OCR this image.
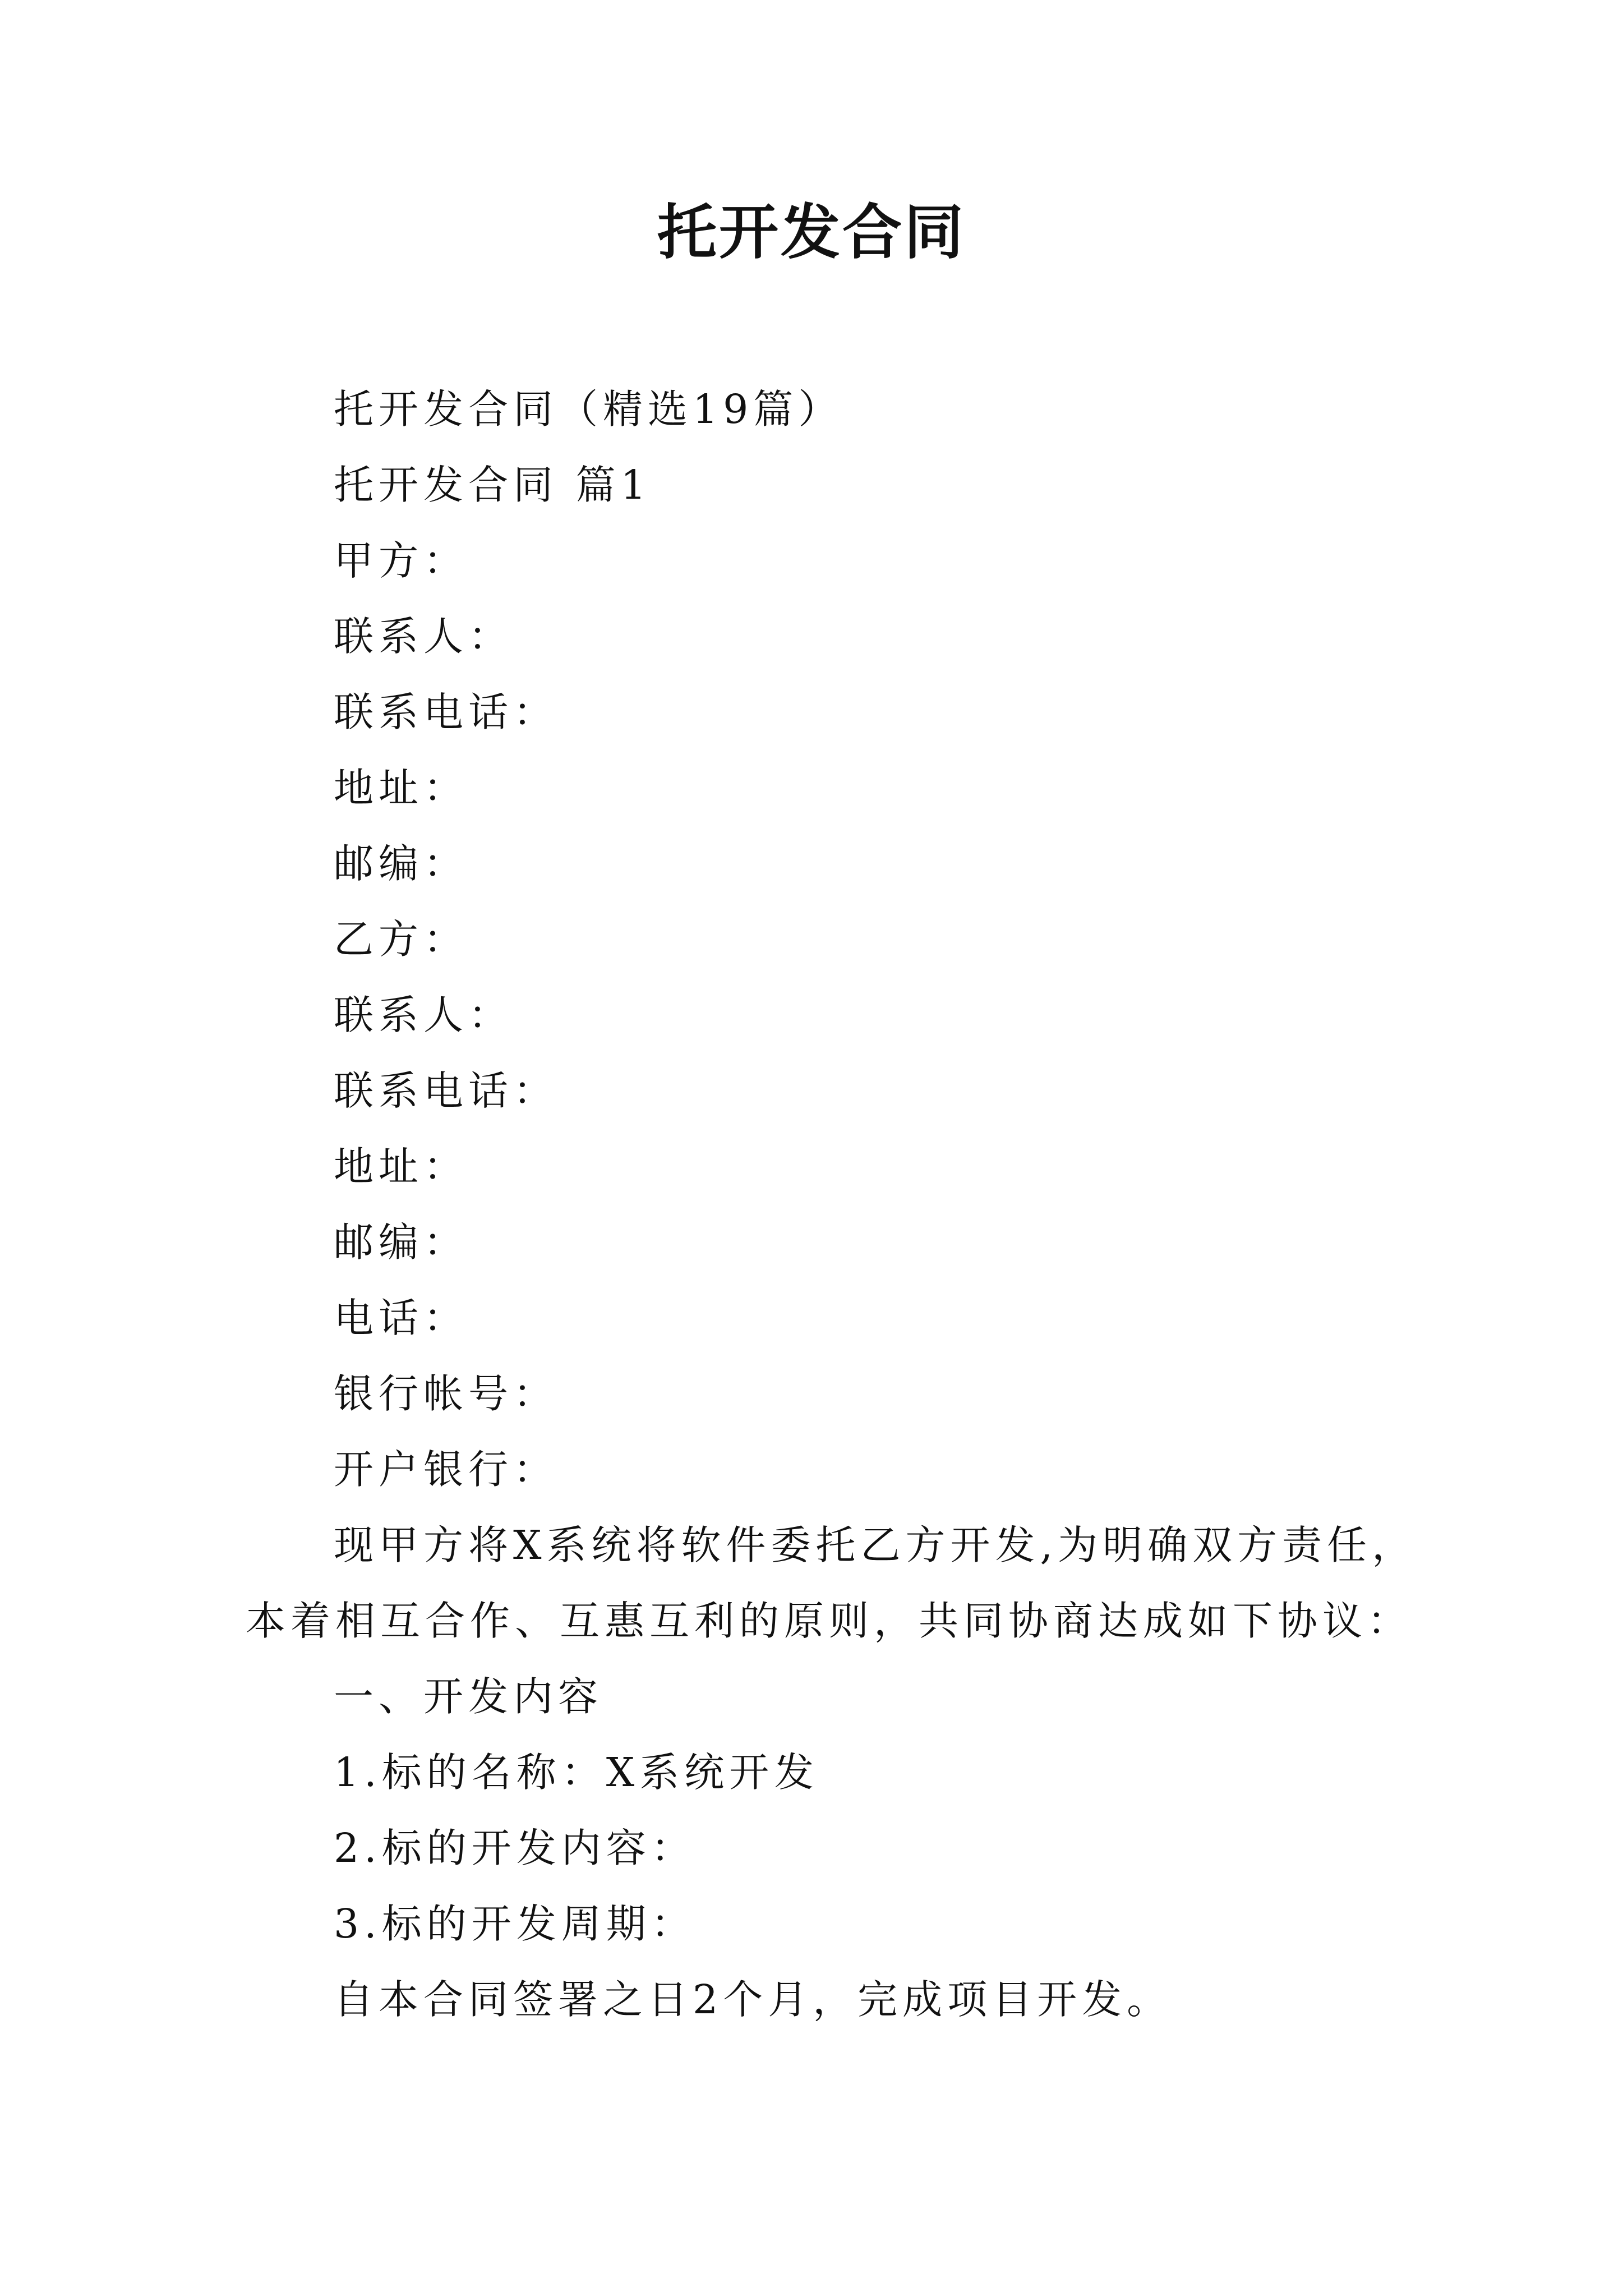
托开发合同

托开发合同（精选19篇）

托开发合同 篇1

甲方：

联系人：

联系电话：

地址：

邮编：

乙方：

联系人：

联系电话：

地址：

邮编：

电话：

银行帐号：

开户银行：

现甲方将X系统将软件委托乙方开发,为明确双方责任，

本着相互合作、互惠互利的原则，共同协商达成如下协议：

一、开发内容

1.标的名称：X系统开发

2.标的开发内容：

3.标的开发周期：

自本合同签署之日2个月，完成项目开发。
